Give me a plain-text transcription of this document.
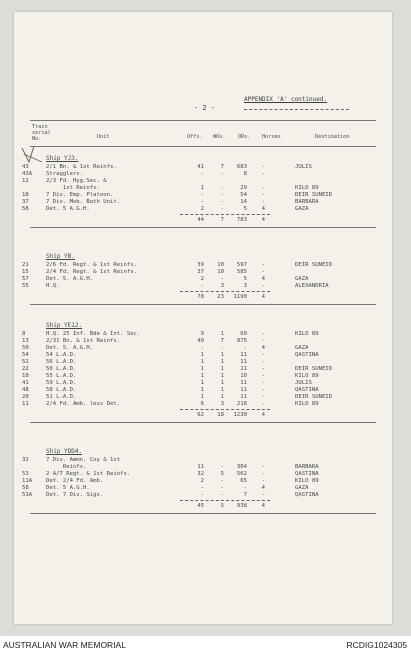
- 2 -
APPENDIX 'A' continued.
Train
serial
No.	Unit	Offs. WOs. ORs. Horses	Destination
Ship YJ3.
43	2/1 Bn. & 1st Reinfs.	41	7	683	-	JULIS
43A	Stragglers.	-	-	8	-
12	2/3 Fd. Hyg.Sec. &
1st Reinfs.	1	-	29	-	KILO 89
18	7 Div. Emp. Platoon.	-	-	54	-	DEIR SUNEID
37	7 Div. Mob. Bath Unit.	-	-	14	-	BARBARA
58	Det. 5 A.G.H.	2	-	5	4	GAZA
44	7	783	4
Ship YB.
21	2/6 Fd. Regt. & 1st Reinfs.	39	10	597	-	DEIR SUNEID
15	2/4 Fd. Regt. & 1st Reinfs.	37	10	585	-
57	Det. 5. A.G.H.	2	-	5	4	GAZA
55	H.Q.	-	3	3	-	ALEXANDRIA
78	23	1190	4
Ship YE12.
8	H.Q. 25 Inf. Bde & Int. Sec.	9	1	60	-	KILO 89
13	2/31 Bn. & 1st Reinfs.	40	7	875	-
50	Det. 5. A.G.H.	-	-	-	4	GAZA
54	54 L.A.D.	1	1	11	-	QASTINA
52	56 L.A.D.	1	1	11	-
22	50 L.A.D.	1	1	11	-	DEIR SUNEID
10	55 L.A.D.	1	1	10	-	KILO 89
41	59 L.A.D.	1	1	11	-	JULIS
48	58 L.A.D.	1	1	11	-	QASTINA
20	51 L.A.D.	1	1	11	-	DEIR SUNEID
11	2/4 Fd. Amb. less Det.	6	3	218	-	KILO 89
62	18	1230	4
Ship YDD4.
32	7 Div. Ammn. Coy & 1st
Reinfs.	11	-	304	-	BARBARA
53	2 A/T Regt. & 1st Reinfs.	32	5	562	-	QASTINA
11A	Det. 2/4 Fd. Amb.	2	-	65	-	KILO 89
58	Det. 5 A.G.H.	-	-	-	4	GAZA
51A	Det. 7 Div. Sigs.	-	-	7	-	QASTINA
45	5	938	4
AUSTRALIAN WAR MEMORIAL	RCDIG1024305
